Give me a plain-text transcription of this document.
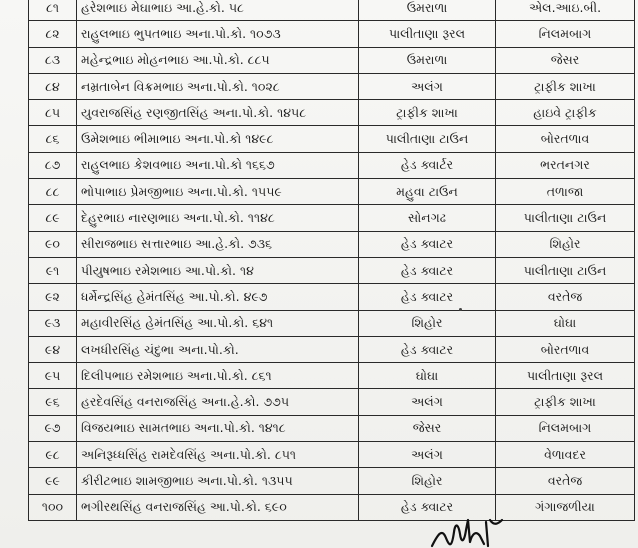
૮૧	હરેશભાઇ મેઘાભાઇ આ.હે.કો. ૫૮	ઉમરાળા	એલ.આઇ.બી.
૮૨	રાહુલભાઇ ભુપતભાઇ અના.પો.કો. ૧૦૭૩	પાલીતાણા રૂરલ	નિલમબાગ
૮૩	મહેન્દ્રભાઇ મોહનભાઇ આ.પો.કો. ૮૮૫	ઉમરાળા	જેસર
૮૪	નમ્રતાબેન વિક્રમભાઇ અના.પો.કો. ૧૦૨૮	અલંગ	ટ્રાફીક શાખા
૮૫	યુવરાજસિંહ રણજીતસિંહ અના.પો.કો. ૧૪૫૮	ટ્રાફીક શાખા	હાઇવે ટ્રાફીક
૮૬	ઉમેશભાઇ ભીમાભાઇ અના.પો.કો ૧૪૯૮	પાલીતાણા ટાઉન	બોરતળાવ
૮૭	રાહુલભાઇ કેશવભાઇ અના.પો.કો ૧૬૬૭	હેડ ક્વાર્ટર	ભરતનગર
૮૮	ભોપાભાઇ પ્રેમજીભાઇ અના.પો.કો. ૧૫૫૯	મહુવા ટાઉન	તળાજા
૮૯	દેહુરભાઇ નારણભાઇ અના.પો.કો. ૧૧૪૮	સોનગઢ	પાલીતાણા ટાઉન
૯૦	સીરાજભાઇ સત્તારભાઇ આ.હે.કો. ૭૩૬	હેડ ક્વાટર	શિહોર
૯૧	પીયુષભાઇ રમેશભાઇ આ.પો.કો. ૧૪	હેડ ક્વાટર	પાલીતાણા ટાઉન
૯૨	ધર્મેન્દ્રસિંહ હેમંતસિંહ આ.પો.કો. ૪૯૭	હેડ ક્વાટર	વરતેજ
૯૩	મહાવીરસિંહ હેમંતસિંહ આ.પો.કો. ૬૪૧	શિહોર	ઘોઘા
૯૪	લખધીરસિંહ ચંદુભા અના.પો.કો.	હેડ ક્વાટર	બોરતળાવ
૯૫	દિલીપભાઇ રમેશભાઇ અના.પો.કો. ૮૬૧	ઘોઘા	પાલીતાણા રૂરલ
૯૬	હરદેવસિંહ વનરાજસિંહ અના.હે.કો. ૭૭૫	અલંગ	ટ્રાફીક શાખા
૯૭	વિજયભાઇ સામતભાઇ અના.પો.કો. ૧૪૧૮	જેસર	નિલમબાગ
૯૮	અનિરૂધ્ધસિંહ રામદેવસિંહ અના.પો.કો. ૮૫૧	અલંગ	વેળાવદર
૯૯	કીરીટભાઇ શામજીભાઇ અના.પો.કો. ૧૩૫૫	શિહોર	વરતેજ
૧૦૦	ભગીરથસિંહ વનરાજસિંહ આ.પો.કો. ૬૯૦	હેડ ક્વાટર	ગંગાજળીયા
